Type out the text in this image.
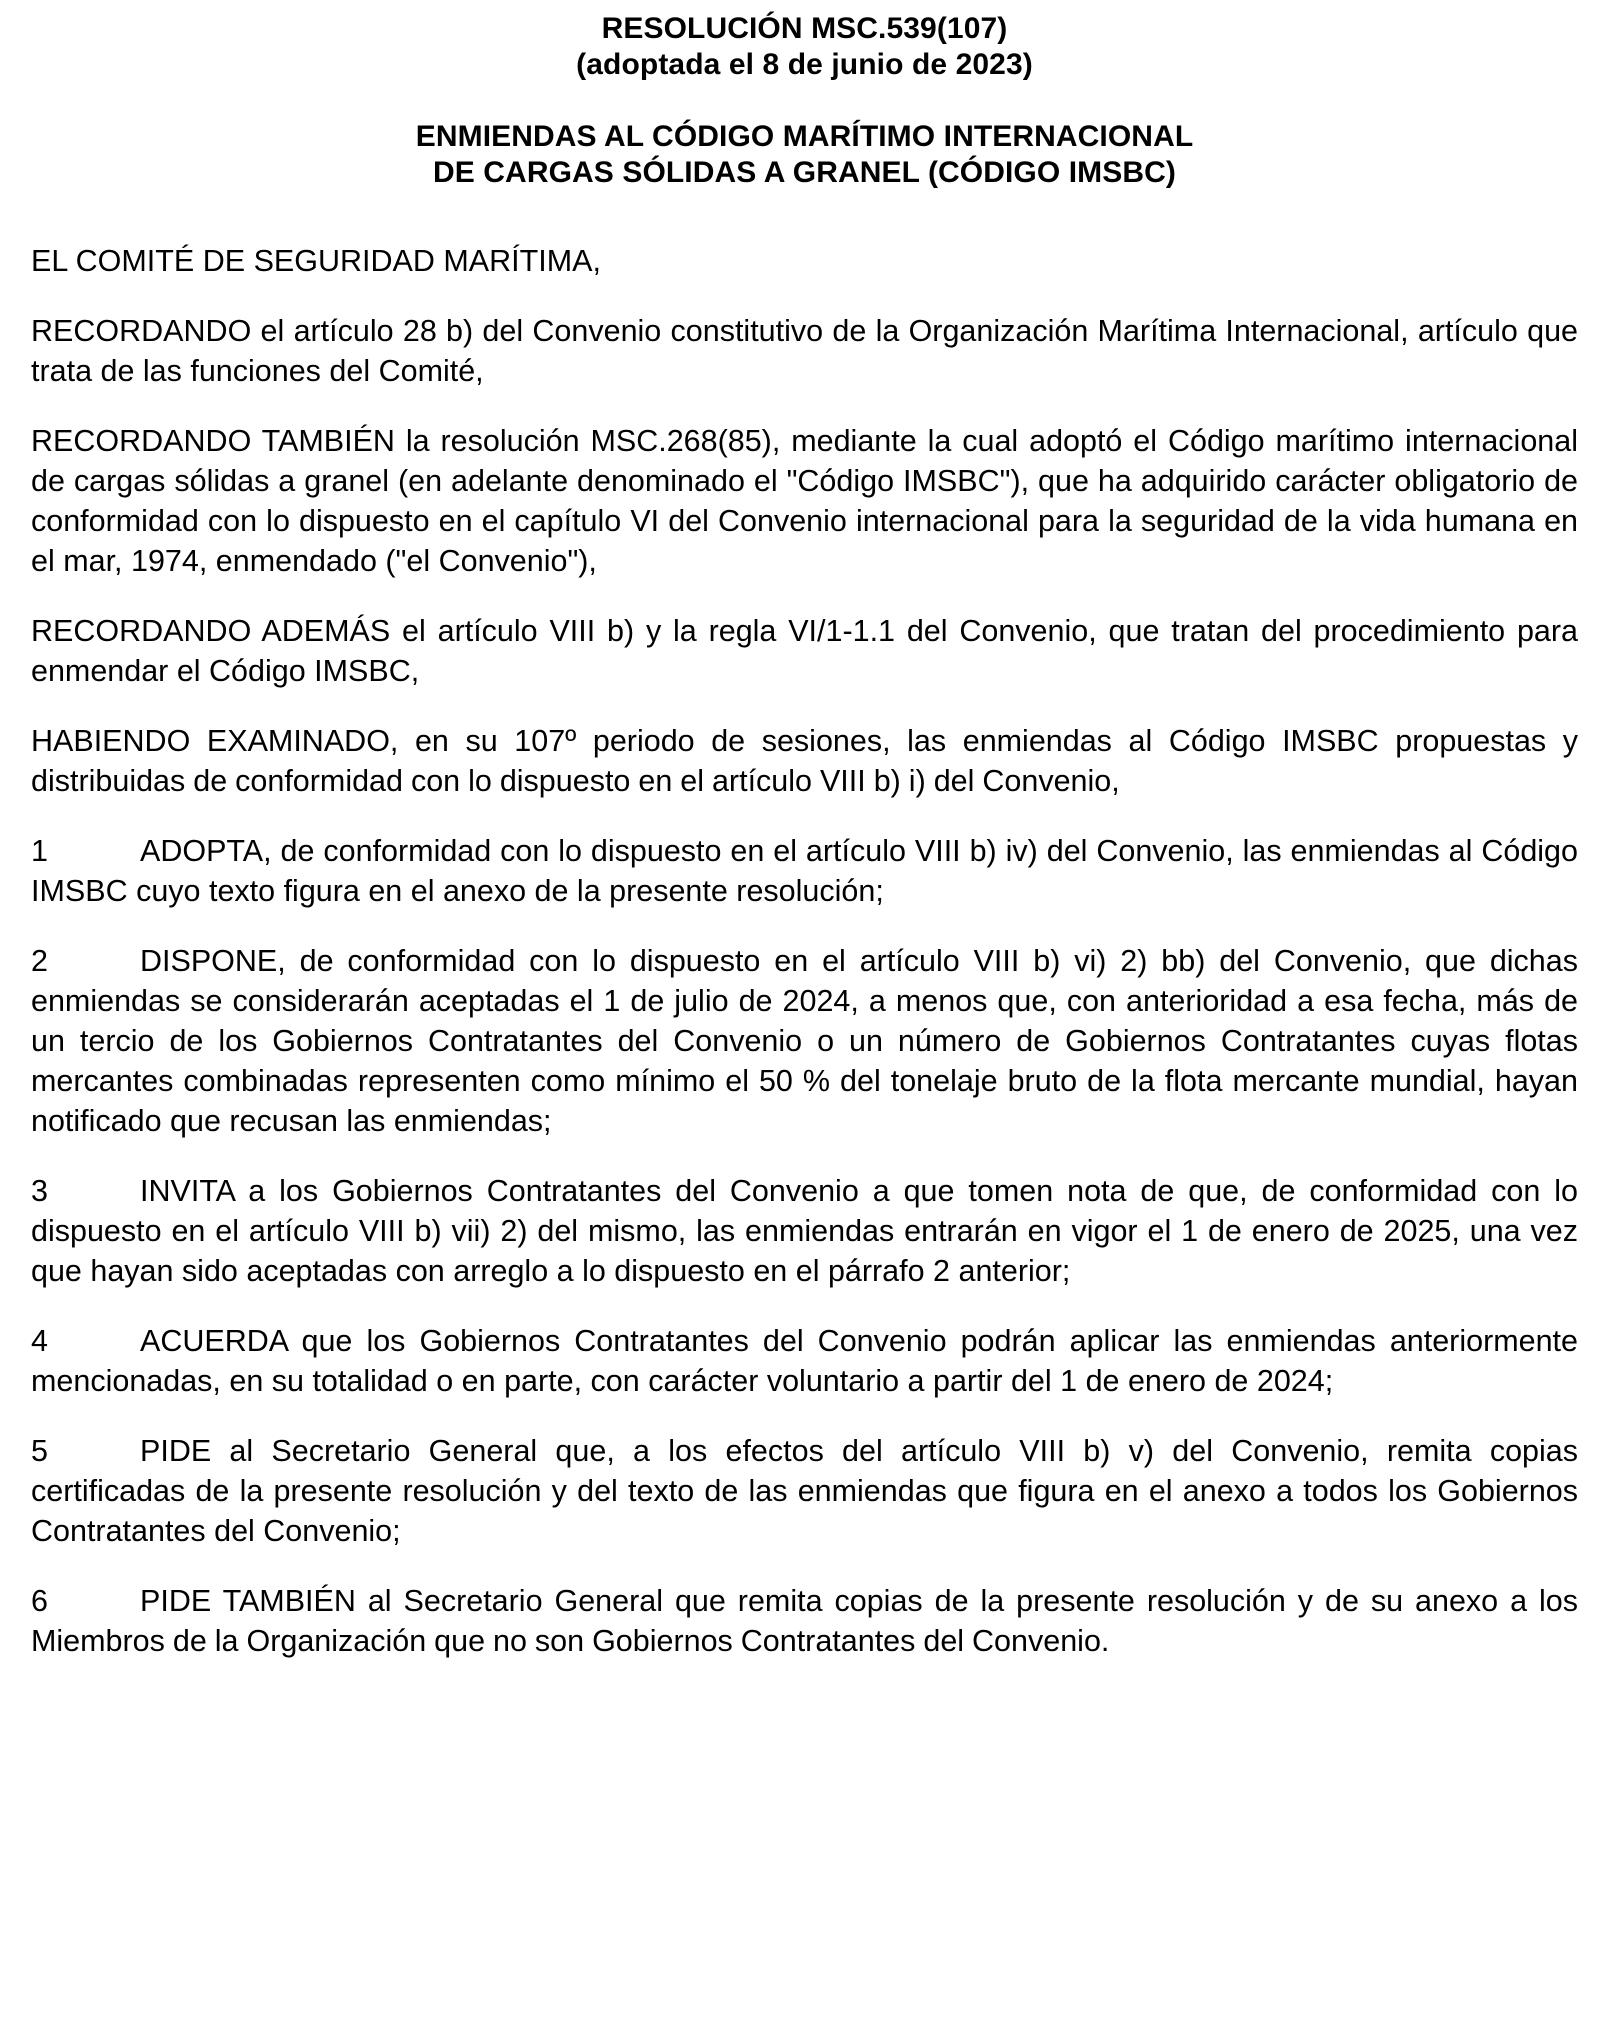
RESOLUCIÓN MSC.539(107)
(adoptada el 8 de junio de 2023)
ENMIENDAS AL CÓDIGO MARÍTIMO INTERNACIONAL
DE CARGAS SÓLIDAS A GRANEL (CÓDIGO IMSBC)

EL COMITÉ DE SEGURIDAD MARÍTIMA,

RECORDANDO el artículo 28 b) del Convenio constitutivo de la Organización Marítima Internacional, artículo que trata de las funciones del Comité,

RECORDANDO TAMBIÉN la resolución MSC.268(85), mediante la cual adoptó el Código marítimo internacional de cargas sólidas a granel (en adelante denominado el "Código IMSBC"), que ha adquirido carácter obligatorio de conformidad con lo dispuesto en el capítulo VI del Convenio internacional para la seguridad de la vida humana en el mar, 1974, enmendado ("el Convenio"),

RECORDANDO ADEMÁS el artículo VIII b) y la regla VI/1-1.1 del Convenio, que tratan del procedimiento para enmendar el Código IMSBC,

HABIENDO EXAMINADO, en su 107º periodo de sesiones, las enmiendas al Código IMSBC propuestas y distribuidas de conformidad con lo dispuesto en el artículo VIII b) i) del Convenio,

1	ADOPTA, de conformidad con lo dispuesto en el artículo VIII b) iv) del Convenio, las enmiendas al Código IMSBC cuyo texto figura en el anexo de la presente resolución;

2	DISPONE, de conformidad con lo dispuesto en el artículo VIII b) vi) 2) bb) del Convenio, que dichas enmiendas se considerarán aceptadas el 1 de julio de 2024, a menos que, con anterioridad a esa fecha, más de un tercio de los Gobiernos Contratantes del Convenio o un número de Gobiernos Contratantes cuyas flotas mercantes combinadas representen como mínimo el 50 % del tonelaje bruto de la flota mercante mundial, hayan notificado que recusan las enmiendas;

3	INVITA a los Gobiernos Contratantes del Convenio a que tomen nota de que, de conformidad con lo dispuesto en el artículo VIII b) vii) 2) del mismo, las enmiendas entrarán en vigor el 1 de enero de 2025, una vez que hayan sido aceptadas con arreglo a lo dispuesto en el párrafo 2 anterior;

4	ACUERDA que los Gobiernos Contratantes del Convenio podrán aplicar las enmiendas anteriormente mencionadas, en su totalidad o en parte, con carácter voluntario a partir del 1 de enero de 2024;

5	PIDE al Secretario General que, a los efectos del artículo VIII b) v) del Convenio, remita copias certificadas de la presente resolución y del texto de las enmiendas que figura en el anexo a todos los Gobiernos Contratantes del Convenio;

6	PIDE TAMBIÉN al Secretario General que remita copias de la presente resolución y de su anexo a los Miembros de la Organización que no son Gobiernos Contratantes del Convenio.
